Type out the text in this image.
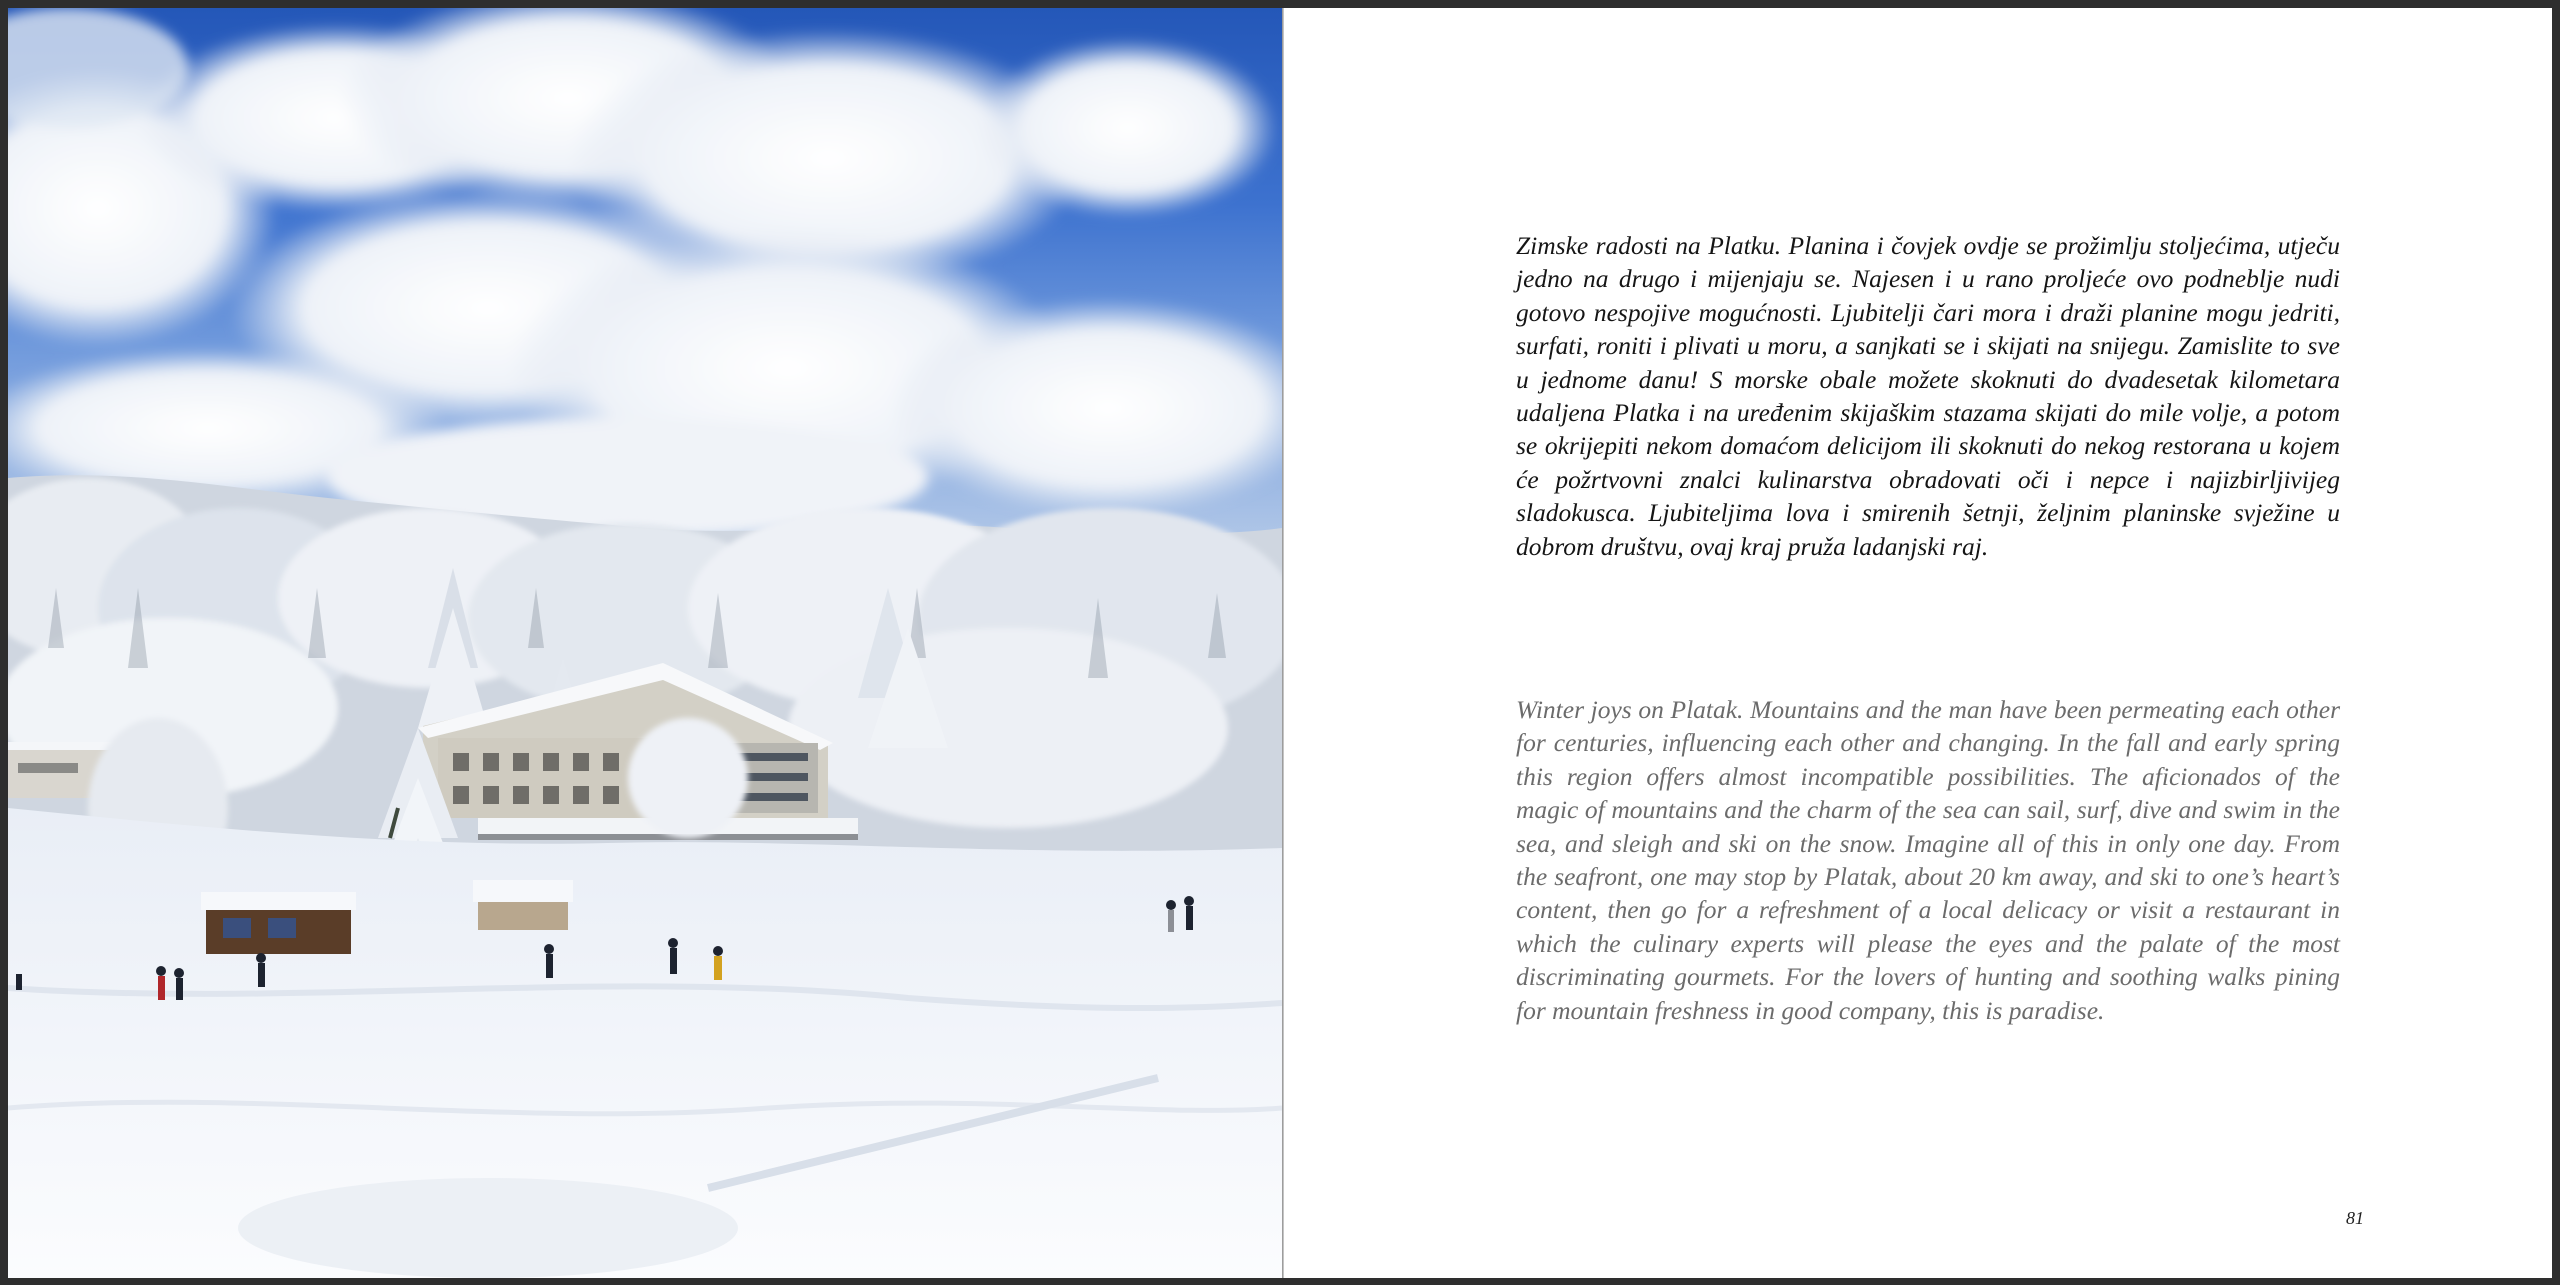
Zimske radosti na Platku. Planina i čovjek ovdje se prožimlju stoljećima, utječu jedno na drugo i mijenjaju se. Najesen i u rano proljeće ovo podneblje nudi gotovo nespojive mogućnosti. Ljubitelji čari mora i draži planine mogu jedriti, surfati, roniti i plivati u moru, a sanjkati se i skijati na snijegu. Zamislite to sve u jednome danu! S morske obale možete skoknuti do dvadesetak kilometara udaljena Platka i na uređenim skijaškim stazama skijati do mile volje, a potom se okrijepiti nekom domaćom delicijom ili skoknuti do nekog restorana u kojem će požrtvovni znalci kulinarstva obradovati oči i nepce i najizbirljivijeg sladokusca. Ljubiteljima lova i smirenih šetnji, željnim planinske svježine u dobrom društvu, ovaj kraj pruža ladanjski raj.

Winter joys on Platak. Mountains and the man have been permeating each other for centuries, influencing each other and changing. In the fall and early spring this region offers almost incompatible possibilities. The aficionados of the magic of mountains and the charm of the sea can sail, surf, dive and swim in the sea, and sleigh and ski on the snow. Imagine all of this in only one day. From the seafront, one may stop by Platak, about 20 km away, and ski to one’s heart’s content, then go for a refreshment of a local delicacy or visit a restaurant in which the culinary experts will please the eyes and the palate of the most discriminating gourmets. For the lovers of hunting and soothing walks pining for mountain freshness in good company, this is paradise.

81
